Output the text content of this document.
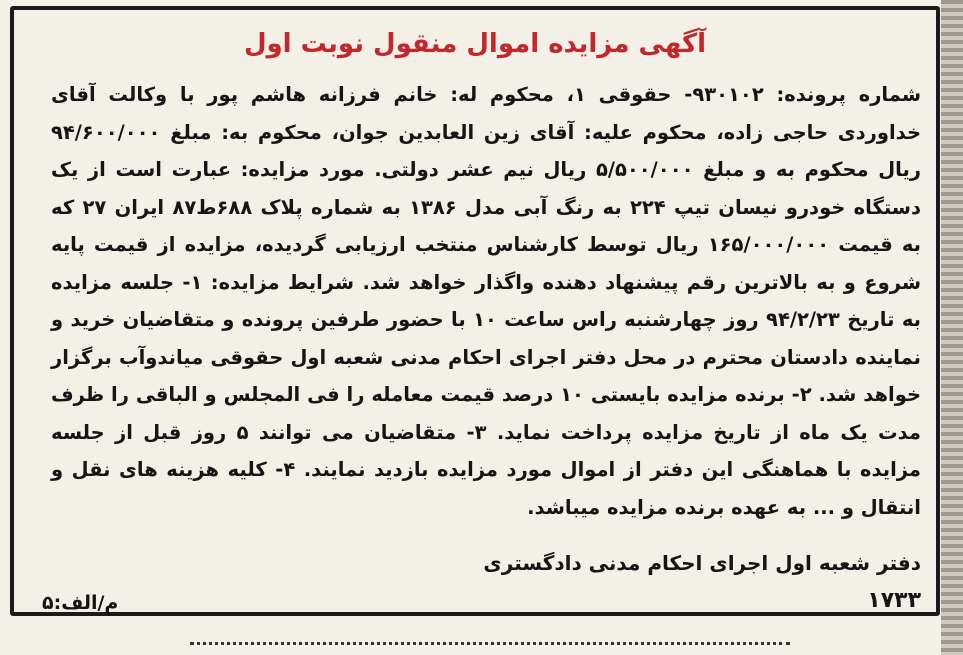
آگهی مزایده اموال منقول نوبت اول
شماره پرونده: ۹۳۰۱۰۲- حقوقی ۱، محکوم له: خانم فرزانه هاشم پور با وکالت آقای خداوردی حاجی زاده، محکوم علیه: آقای زین العابدین جوان، محکوم به: مبلغ ۹۴/۶۰۰/۰۰۰ ریال محکوم به و مبلغ ۵/۵۰۰/۰۰۰ ریال نیم عشر دولتی. مورد مزایده: عبارت است از یک دستگاه خودرو نیسان تیپ ۲۲۴ به رنگ آبی مدل ۱۳۸۶ به شماره پلاک ۶۸۸ط۸۷ ایران ۲۷ که به قیمت ۱۶۵/۰۰۰/۰۰۰ ریال توسط کارشناس منتخب ارزیابی گردیده، مزایده از قیمت پایه شروع و به بالاترین رقم پیشنهاد دهنده واگذار خواهد شد. شرایط مزایده: ۱- جلسه مزایده به تاریخ ۹۴/۲/۲۳ روز چهارشنبه راس ساعت ۱۰ با حضور طرفین پرونده و متقاضیان خرید و نماینده دادستان محترم در محل دفتر اجرای احکام مدنی شعبه اول حقوقی میاندوآب برگزار خواهد شد. ۲- برنده مزایده بایستی ۱۰ درصد قیمت معامله را فی المجلس و الباقی را ظرف مدت یک ماه از تاریخ مزایده پرداخت نماید. ۳- متقاضیان می توانند ۵ روز قبل از جلسه مزایده با هماهنگی این دفتر از اموال مورد مزایده بازدید نمایند. ۴- کلیه هزینه های نقل و انتقال و ... به عهده برنده مزایده میباشد.
دفتر شعبه اول اجرای احکام مدنی دادگستری
۱۷۳۳
م/الف:۵
